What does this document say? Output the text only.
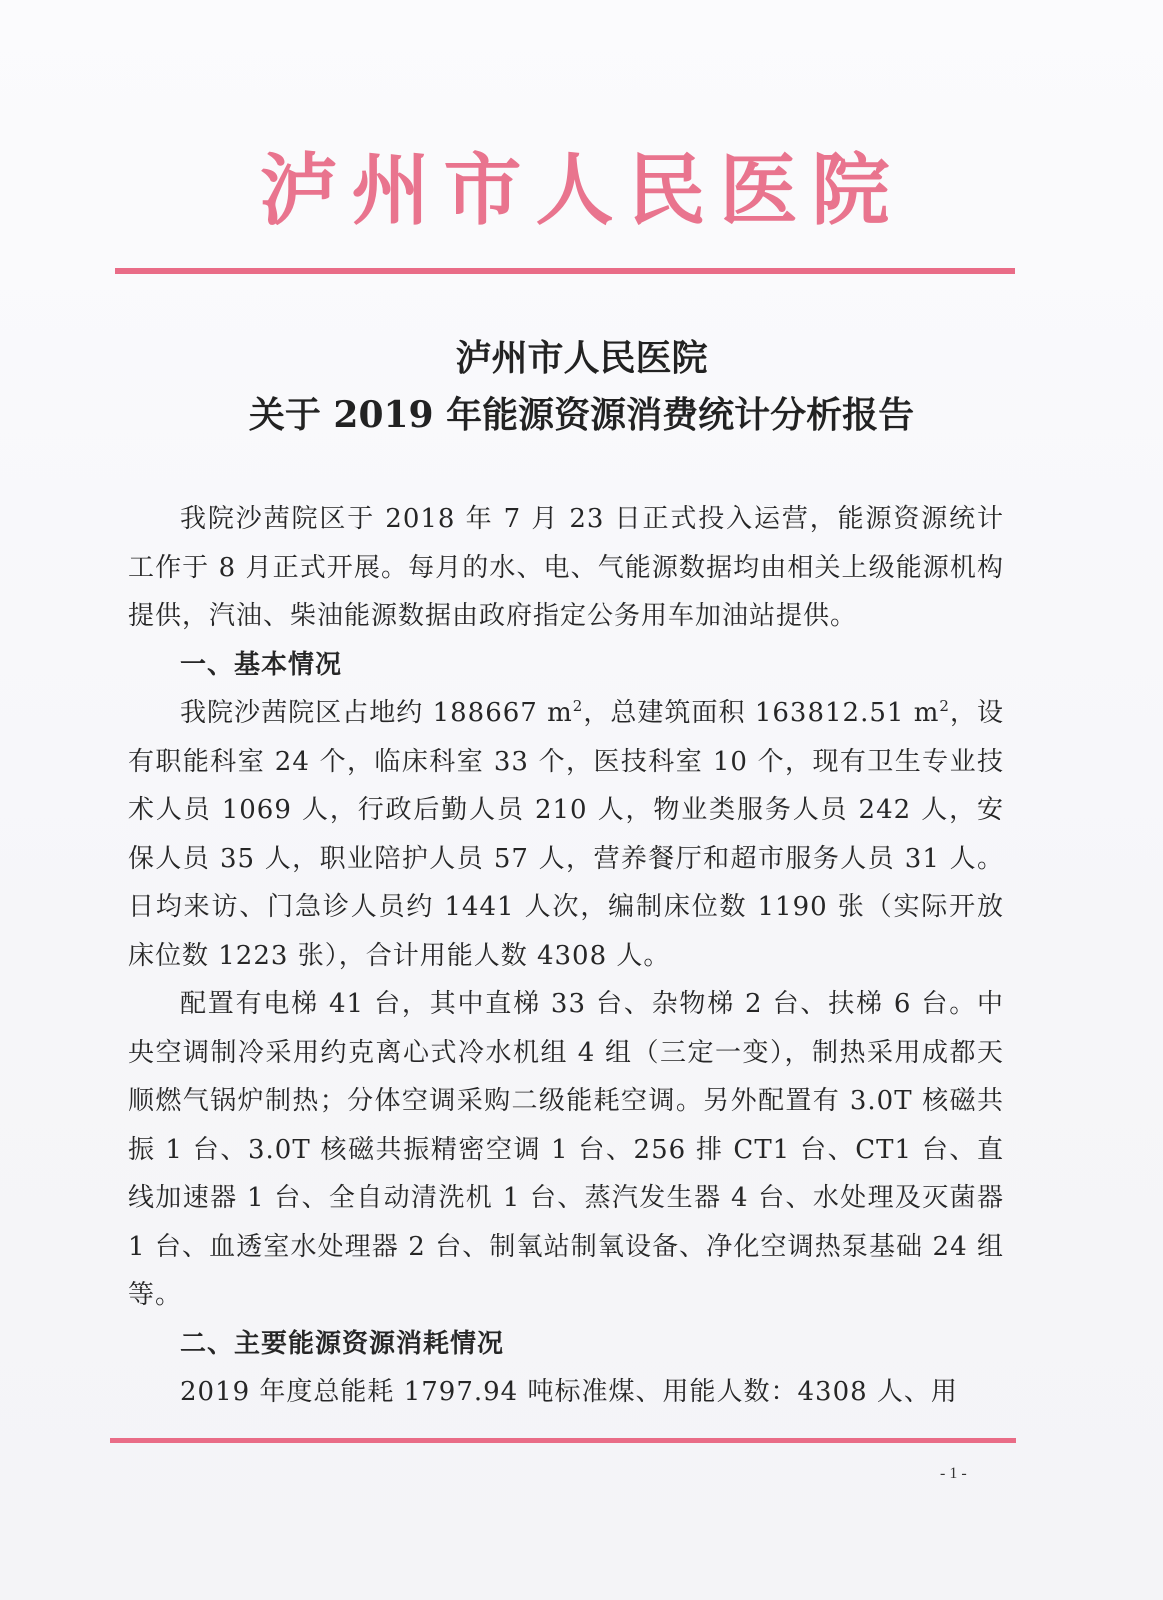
泸州市人民医院
泸州市人民医院
关于 2019 年能源资源消费统计分析报告

我院沙茜院区于 2018 年 7 月 23 日正式投入运营，能源资源统计工作于 8 月正式开展。每月的水、电、气能源数据均由相关上级能源机构提供，汽油、柴油能源数据由政府指定公务用车加油站提供。

一、基本情况

我院沙茜院区占地约 188667 $m^2$，总建筑面积 163812.51 $m^2$，设有职能科室 24 个，临床科室 33 个，医技科室 10 个，现有卫生专业技术人员 1069 人，行政后勤人员 210 人，物业类服务人员 242 人，安保人员 35 人，职业陪护人员 57 人，营养餐厅和超市服务人员 31 人。日均来访、门急诊人员约 1441 人次，编制床位数 1190 张（实际开放床位数 1223 张），合计用能人数 4308 人。

配置有电梯 41 台，其中直梯 33 台、杂物梯 2 台、扶梯 6 台。中央空调制冷采用约克离心式冷水机组 4 组（三定一变），制热采用成都天顺燃气锅炉制热；分体空调采购二级能耗空调。另外配置有 3.0T 核磁共振 1 台、3.0T 核磁共振精密空调 1 台、256 排 CT1 台、CT1 台、直线加速器 1 台、全自动清洗机 1 台、蒸汽发生器 4 台、水处理及灭菌器 1 台、血透室水处理器 2 台、制氧站制氧设备、净化空调热泵基础 24 组等。

二、主要能源资源消耗情况

2019 年度总能耗 1797.94 吨标准煤、用能人数：4308 人、用

- 1 -
